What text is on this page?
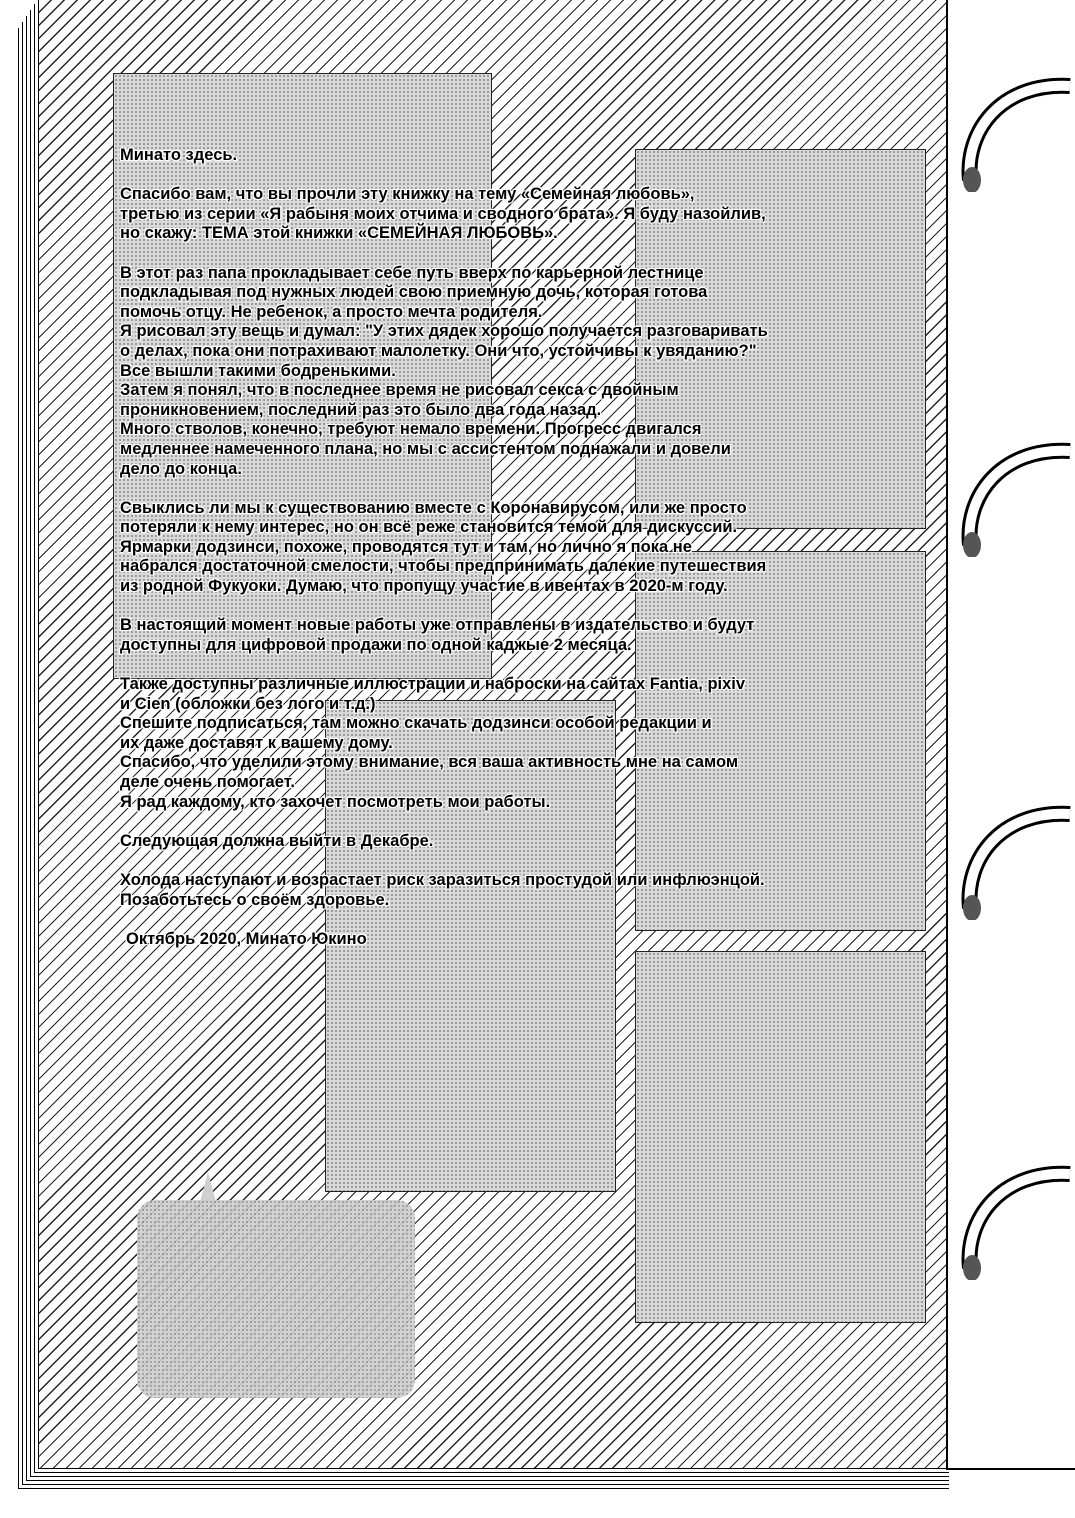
Минато здесь.
Спасибо вам, что вы прочли эту книжку на тему «Семейная любовь»,
третью из серии «Я рабыня моих отчима и сводного брата». Я буду назойлив,
но скажу: ТЕМА этой книжки «СЕМЕЙНАЯ ЛЮБОВЬ».
В этот раз папа прокладывает себе путь вверх по карьерной лестнице
подкладывая под нужных людей свою приемную дочь, которая готова
помочь отцу. Не ребенок, а просто мечта родителя.
Я рисовал эту вещь и думал: "У этих дядек хорошо получается разговаривать
о делах, пока они потрахивают малолетку. Они что, устойчивы к увяданию?"
Все вышли такими бодренькими.
Затем я понял, что в последнее время не рисовал секса с двойным
проникновением, последний раз это было два года назад.
Много стволов, конечно, требуют немало времени. Прогресс двигался
медленнее намеченного плана, но мы с ассистентом поднажали и довели
дело до конца.
Свыклись ли мы к существованию вместе с Коронавирусом, или же просто
потеряли к нему интерес, но он всё реже становится темой для дискуссий.
Ярмарки додзинси, похоже, проводятся тут и там, но лично я пока не
набрался достаточной смелости, чтобы предпринимать далекие путешествия
из родной Фукуоки. Думаю, что пропущу участие в ивентах в 2020-м году.
В настоящий момент новые работы уже отправлены в издательство и будут
доступны для цифровой продажи по одной каджые 2 месяца.
Также доступны различные иллюстрации и наброски на сайтах Fantia, pixiv
и Cien (обложки без лого и т.д.)
Спешите подписаться, там можно скачать додзинси особой редакции и
их даже доставят к вашему дому.
Спасибо, что уделили этому внимание, вся ваша активность мне на самом
деле очень помогает.
Я рад каждому, кто захочет посмотреть мои работы.
Следующая должна выйти в Декабре.
Холода наступают и возрастает риск заразиться простудой или инфлюэнцой.
Позаботьтесь о своём здоровье.
Октябрь 2020, Минато Юкино
